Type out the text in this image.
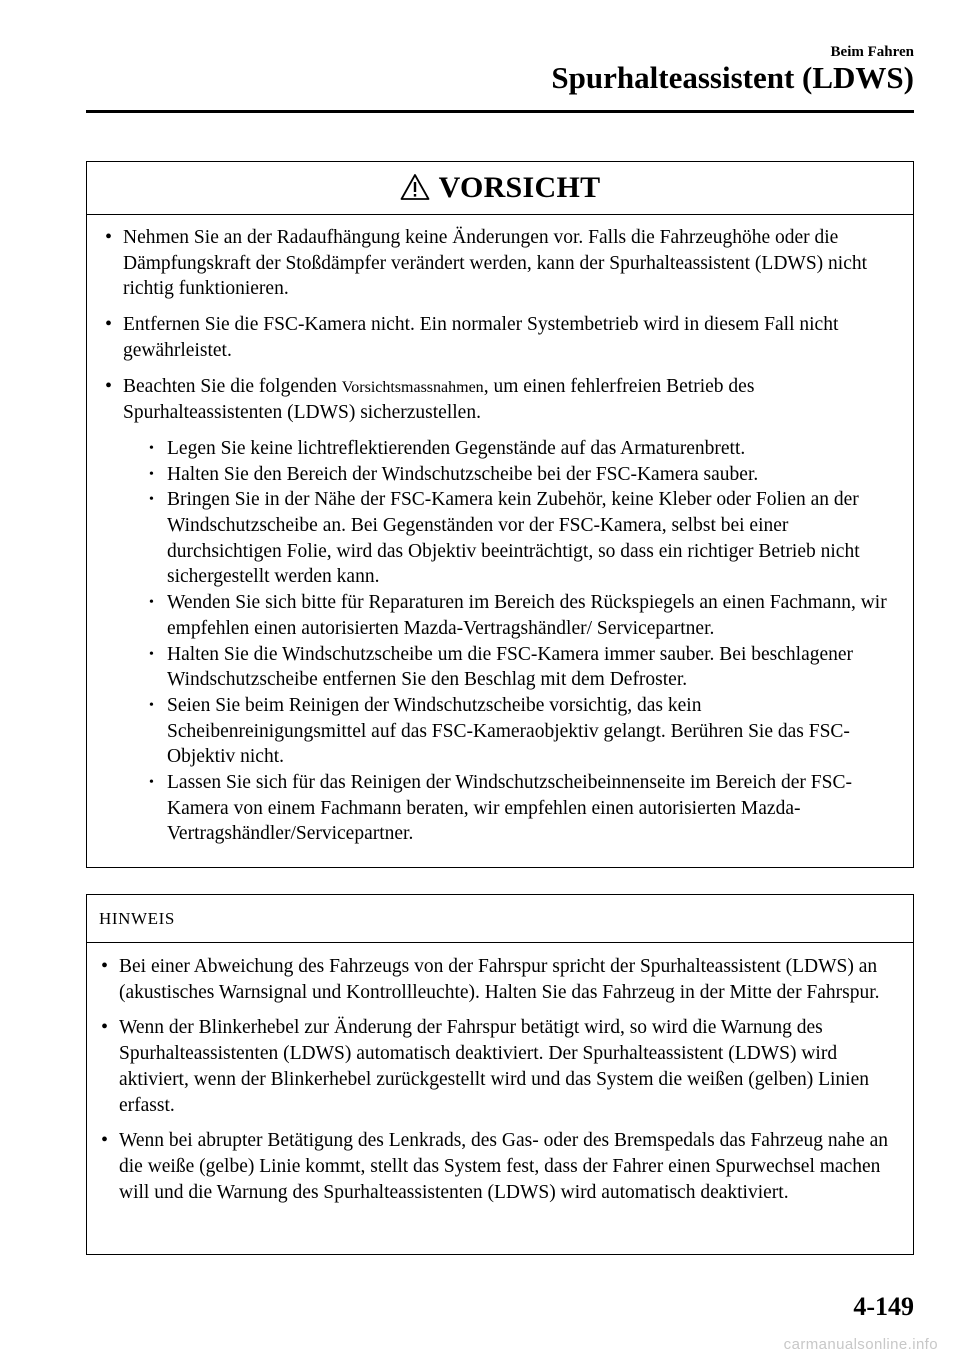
Beim Fahren
Spurhalteassistent (LDWS)
VORSICHT
• Nehmen Sie an der Radaufhängung keine Änderungen vor. Falls die Fahrzeughöhe oder die Dämpfungskraft der Stoßdämpfer verändert werden, kann der Spurhalteassistent (LDWS) nicht richtig funktionieren.
• Entfernen Sie die FSC-Kamera nicht. Ein normaler Systembetrieb wird in diesem Fall nicht gewährleistet.
• Beachten Sie die folgenden Vorsichtsmassnahmen, um einen fehlerfreien Betrieb des Spurhalteassistenten (LDWS) sicherzustellen.
• Legen Sie keine lichtreflektierenden Gegenstände auf das Armaturenbrett.
• Halten Sie den Bereich der Windschutzscheibe bei der FSC-Kamera sauber.
• Bringen Sie in der Nähe der FSC-Kamera kein Zubehör, keine Kleber oder Folien an der Windschutzscheibe an. Bei Gegenständen vor der FSC-Kamera, selbst bei einer durchsichtigen Folie, wird das Objektiv beeinträchtigt, so dass ein richtiger Betrieb nicht sichergestellt werden kann.
• Wenden Sie sich bitte für Reparaturen im Bereich des Rückspiegels an einen Fachmann, wir empfehlen einen autorisierten Mazda-Vertragshändler/ Servicepartner.
• Halten Sie die Windschutzscheibe um die FSC-Kamera immer sauber. Bei beschlagener Windschutzscheibe entfernen Sie den Beschlag mit dem Defroster.
• Seien Sie beim Reinigen der Windschutzscheibe vorsichtig, das kein Scheibenreinigungsmittel auf das FSC-Kameraobjektiv gelangt. Berühren Sie das FSC-Objektiv nicht.
• Lassen Sie sich für das Reinigen der Windschutzscheibeinnenseite im Bereich der FSC-Kamera von einem Fachmann beraten, wir empfehlen einen autorisierten Mazda-Vertragshändler/Servicepartner.
HINWEIS
• Bei einer Abweichung des Fahrzeugs von der Fahrspur spricht der Spurhalteassistent (LDWS) an (akustisches Warnsignal und Kontrollleuchte). Halten Sie das Fahrzeug in der Mitte der Fahrspur.
• Wenn der Blinkerhebel zur Änderung der Fahrspur betätigt wird, so wird die Warnung des Spurhalteassistenten (LDWS) automatisch deaktiviert. Der Spurhalteassistent (LDWS) wird aktiviert, wenn der Blinkerhebel zurückgestellt wird und das System die weißen (gelben) Linien erfasst.
• Wenn bei abrupter Betätigung des Lenkrads, des Gas- oder des Bremspedals das Fahrzeug nahe an die weiße (gelbe) Linie kommt, stellt das System fest, dass der Fahrer einen Spurwechsel machen will und die Warnung des Spurhalteassistenten (LDWS) wird automatisch deaktiviert.
4-149
carmanualsonline.info
